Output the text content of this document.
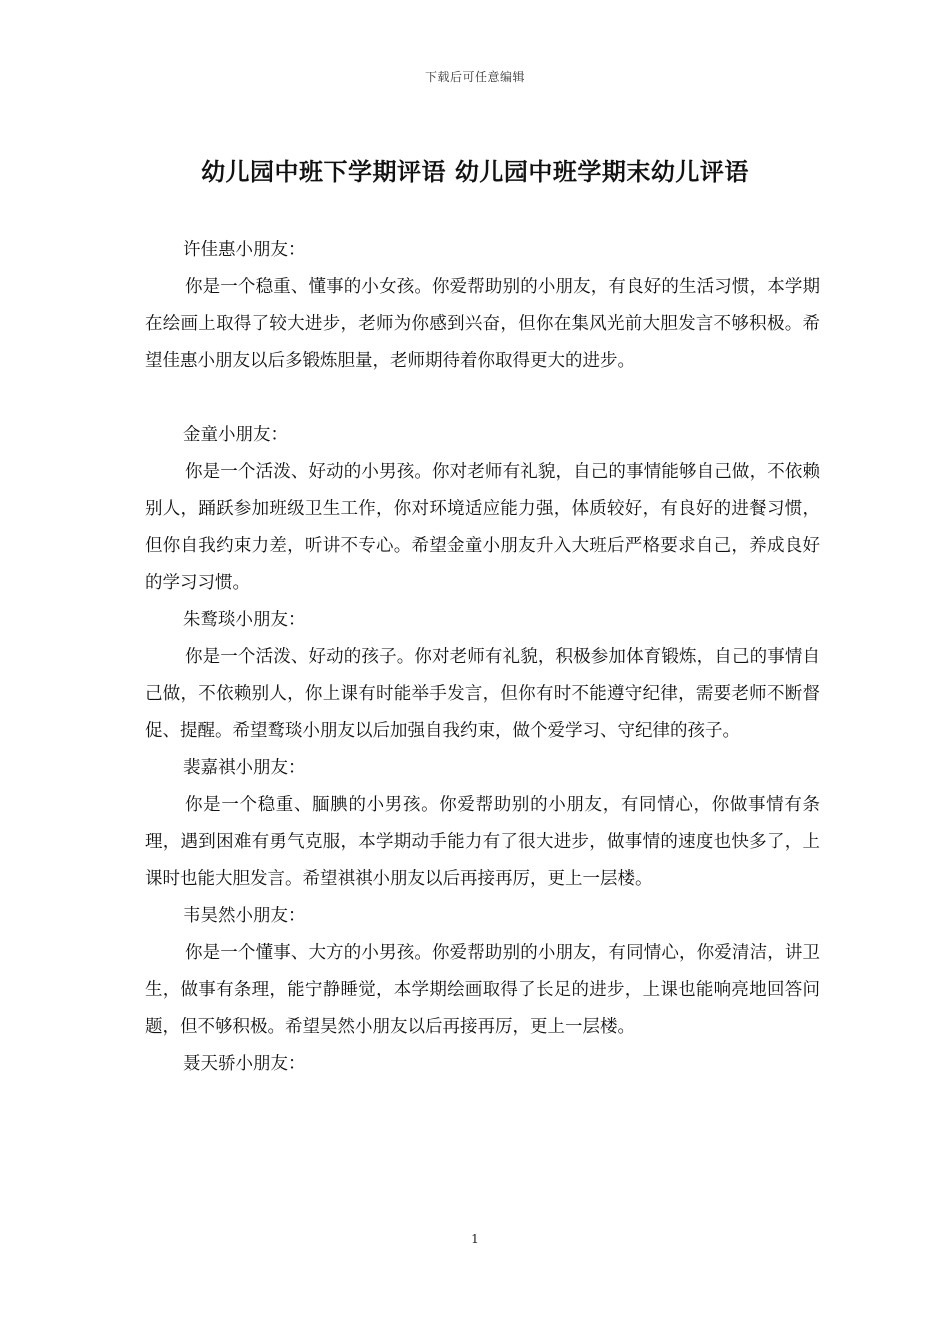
下载后可任意编辑
幼儿园中班下学期评语 幼儿园中班学期末幼儿评语

许佳惠小朋友：

你是一个稳重、懂事的小女孩。你爱帮助别的小朋友，有良好的生活习惯，本学期在绘画上取得了较大进步，老师为你感到兴奋，但你在集风光前大胆发言不够积极。希望佳惠小朋友以后多锻炼胆量，老师期待着你取得更大的进步。

金童小朋友：

你是一个活泼、好动的小男孩。你对老师有礼貌，自己的事情能够自己做，不依赖别人，踊跃参加班级卫生工作，你对环境适应能力强，体质较好，有良好的进餐习惯，但你自我约束力差，听讲不专心。希望金童小朋友升入大班后严格要求自己，养成良好的学习习惯。

朱鹜琰小朋友：

你是一个活泼、好动的孩子。你对老师有礼貌，积极参加体育锻炼，自己的事情自己做，不依赖别人，你上课有时能举手发言，但你有时不能遵守纪律，需要老师不断督促、提醒。希望鹜琰小朋友以后加强自我约束，做个爱学习、守纪律的孩子。

裴嘉祺小朋友：

你是一个稳重、腼腆的小男孩。你爱帮助别的小朋友，有同情心，你做事情有条理，遇到困难有勇气克服，本学期动手能力有了很大进步，做事情的速度也快多了，上课时也能大胆发言。希望祺祺小朋友以后再接再厉，更上一层楼。

韦昊然小朋友：

你是一个懂事、大方的小男孩。你爱帮助别的小朋友，有同情心，你爱清洁，讲卫生，做事有条理，能宁静睡觉，本学期绘画取得了长足的进步，上课也能响亮地回答问题，但不够积极。希望昊然小朋友以后再接再厉，更上一层楼。

聂天骄小朋友：

1
